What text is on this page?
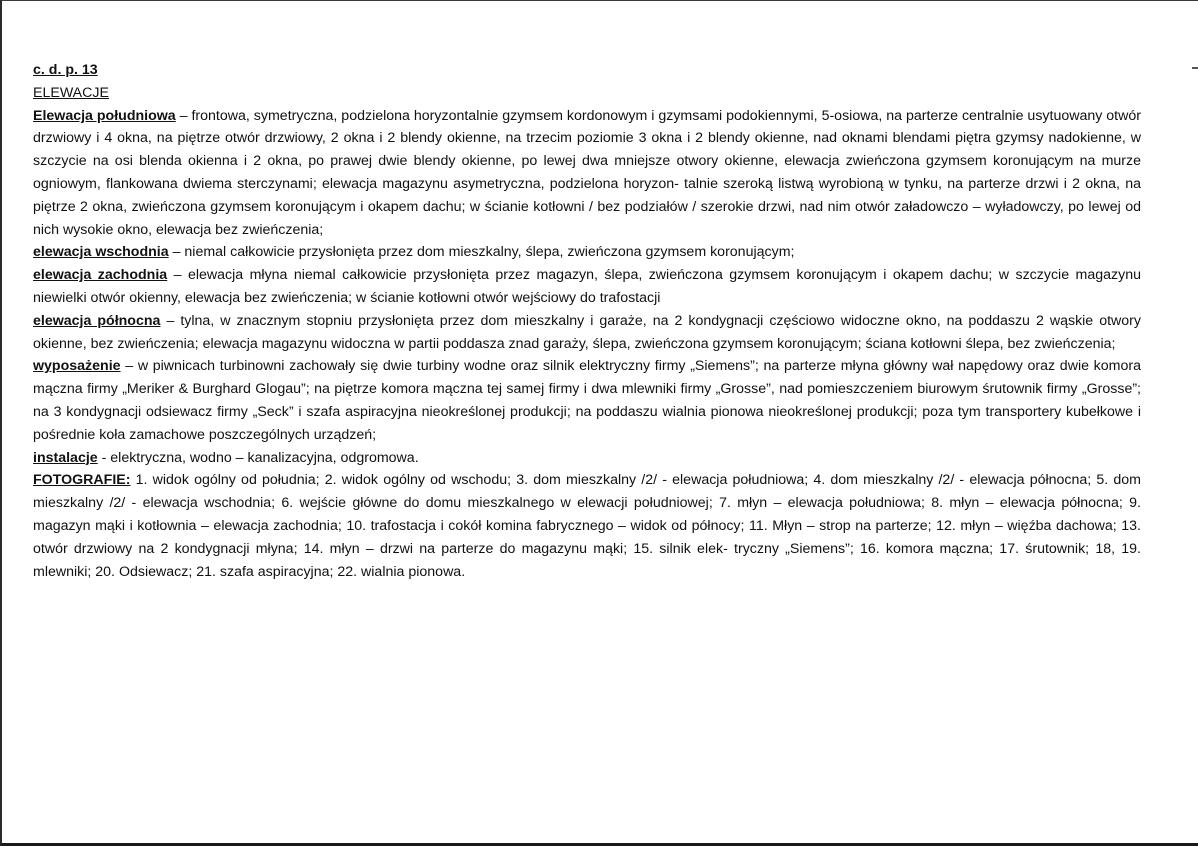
c. d. p. 13
ELEWACJE

Elewacja południowa – frontowa, symetryczna, podzielona horyzontalnie gzymsem kordonowym i gzymsami podokiennymi, 5-osiowa, na parterze centralnie usytuowany otwór drzwiowy i 4 okna, na piętrze otwór drzwiowy, 2 okna i 2 blendy okienne, na trzecim poziomie 3 okna i 2 blendy okienne, nad oknami blendami piętra gzymsy nadokienne, w szczycie na osi blenda okienna i 2 okna, po prawej dwie blendy okienne, po lewej dwa mniejsze otwory okienne, elewacja zwieńczona gzymsem koronującym na murze ogniowym, flankowana dwiema sterczynami; elewacja magazynu asymetryczna, podzielona horyzon- talnie szeroką listwą wyrobioną w tynku, na parterze drzwi i 2 okna, na piętrze 2 okna, zwieńczona gzymsem koronującym i okapem dachu; w ścianie kotłowni / bez podziałów / szerokie drzwi, nad nim otwór załadowczo – wyładowczy, po lewej od nich wysokie okno, elewacja bez zwieńczenia;

elewacja wschodnia – niemal całkowicie przysłonięta przez dom mieszkalny, ślepa, zwieńczona gzymsem koronującym;

elewacja zachodnia – elewacja młyna niemal całkowicie przysłonięta przez magazyn, ślepa, zwieńczona gzymsem koronującym i okapem dachu; w szczycie magazynu niewielki otwór okienny, elewacja bez zwieńczenia; w ścianie kotłowni otwór wejściowy do trafostacji

elewacja północna – tylna, w znacznym stopniu przysłonięta przez dom mieszkalny i garaże, na 2 kondygnacji częściowo widoczne okno, na poddaszu 2 wąskie otwory okienne, bez zwieńczenia; elewacja magazynu widoczna w partii poddasza znad garaży, ślepa, zwieńczona gzymsem koronującym; ściana kotłowni ślepa, bez zwieńczenia;

wyposażenie – w piwnicach turbinowni zachowały się dwie turbiny wodne oraz silnik elektryczny firmy „Siemens”; na parterze młyna główny wał napędowy oraz dwie komora mączna firmy „Meriker & Burghard Glogau”; na piętrze komora mączna tej samej firmy i dwa mlewniki firmy „Grosse”, nad pomieszczeniem biurowym śrutownik firmy „Grosse”; na 3 kondygnacji odsiewacz firmy „Seck” i szafa aspiracyjna nieokreślonej produkcji; na poddaszu wialnia pionowa nieokreślonej produkcji; poza tym transportery kubełkowe i pośrednie koła zamachowe poszczególnych urządzeń;

instalacje - elektryczna, wodno – kanalizacyjna, odgromowa.

FOTOGRAFIE: 1. widok ogólny od południa; 2. widok ogólny od wschodu; 3. dom mieszkalny /2/ - elewacja południowa; 4. dom mieszkalny /2/ - elewacja północna; 5. dom mieszkalny /2/ - elewacja wschodnia; 6. wejście główne do domu mieszkalnego w elewacji południowej; 7. młyn – elewacja południowa; 8. młyn – elewacja północna; 9. magazyn mąki i kotłownia – elewacja zachodnia; 10. trafostacja i cokół komina fabrycznego – widok od północy; 11. Młyn – strop na parterze; 12. młyn – więźba dachowa; 13. otwór drzwiowy na 2 kondygnacji młyna; 14. młyn – drzwi na parterze do magazynu mąki; 15. silnik elek- tryczny „Siemens”; 16. komora mączna; 17. śrutownik; 18, 19. mlewniki; 20. Odsiewacz; 21. szafa aspiracyjna; 22. wialnia pionowa.
